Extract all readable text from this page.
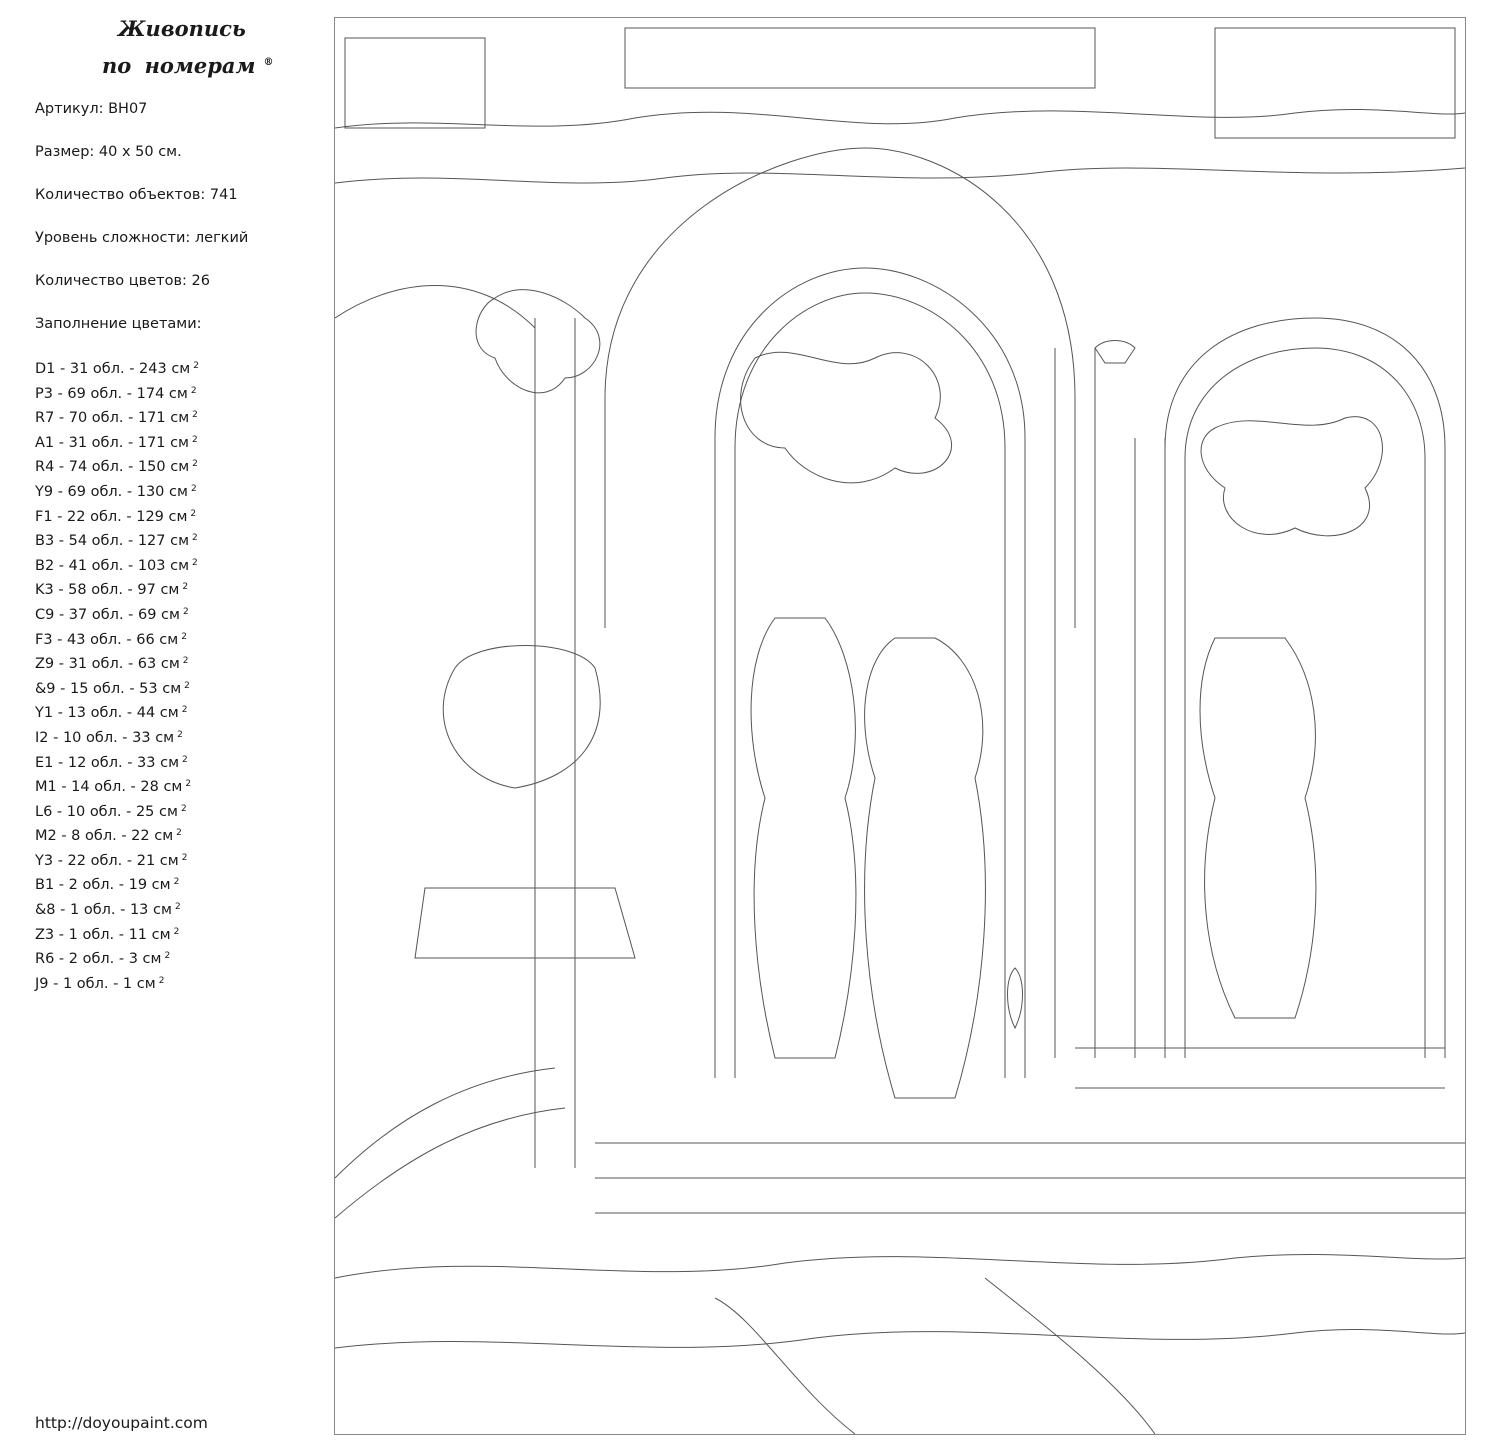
Живопись
по номерам ®

Артикул: ВН07

Размер: 40 х 50 см.

Количество объектов: 741

Уровень сложности: легкий

Количество цветов: 26

Заполнение цветами:

D1 - 31 обл. - 243 см $^2$
P3 - 69 обл. - 174 см $^2$
R7 - 70 обл. - 171 см $^2$
A1 - 31 обл. - 171 см $^2$
R4 - 74 обл. - 150 см $^2$
Y9 - 69 обл. - 130 см $^2$
F1 - 22 обл. - 129 см $^2$
B3 - 54 обл. - 127 см $^2$
B2 - 41 обл. - 103 см $^2$
K3 - 58 обл. - 97 см $^2$
C9 - 37 обл. - 69 см $^2$
F3 - 43 обл. - 66 см $^2$
Z9 - 31 обл. - 63 см $^2$
&9 - 15 обл. - 53 см $^2$
Y1 - 13 обл. - 44 см $^2$
I2 - 10 обл. - 33 см $^2$
E1 - 12 обл. - 33 см $^2$
M1 - 14 обл. - 28 см $^2$
L6 - 10 обл. - 25 см $^2$
M2 - 8 обл. - 22 см $^2$
Y3 - 22 обл. - 21 см $^2$
B1 - 2 обл. - 19 см $^2$
&8 - 1 обл. - 13 см $^2$
Z3 - 1 обл. - 11 см $^2$
R6 - 2 обл. - 3 см $^2$
J9 - 1 обл. - 1 см $^2$
http://doyoupaint.com
